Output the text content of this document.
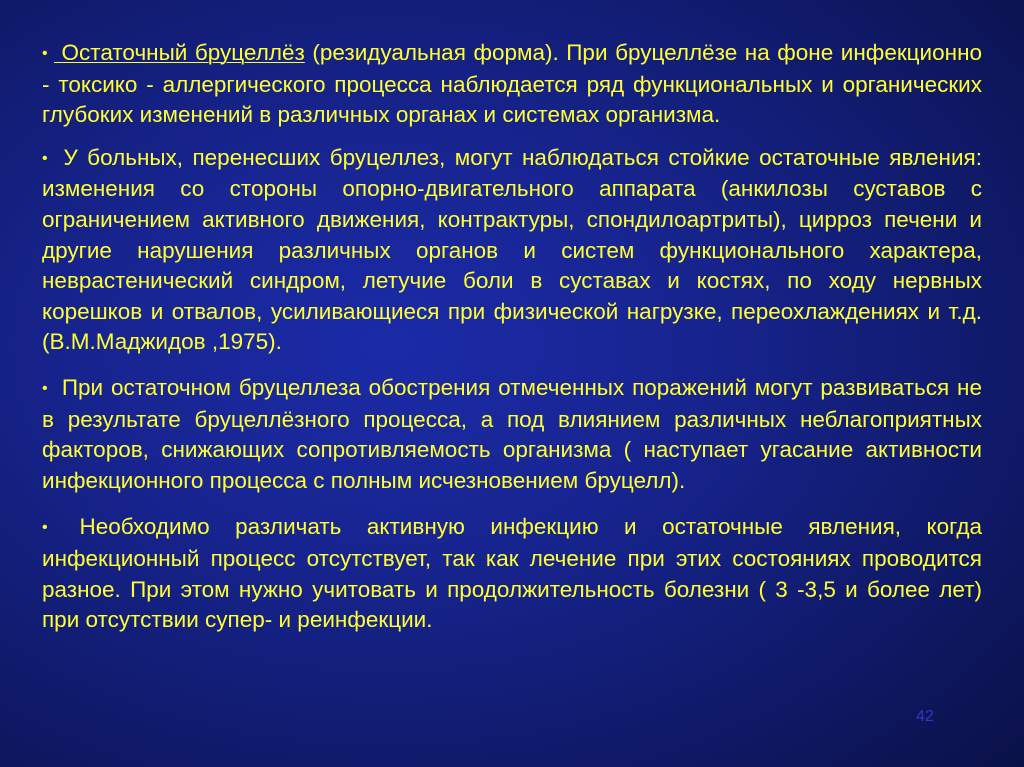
• Остаточный бруцеллёз (резидуальная форма). При бруцеллёзе на фоне инфекционно - токсико - аллергического процесса наблюдается ряд функциональных и органических глубоких изменений в различных органах и системах организма.

• У больных, перенесших бруцеллез, могут наблюдаться стойкие остаточные явления: изменения со стороны опорно-двигательного аппарата (анкилозы суставов с ограничением активного движения, контрактуры, спондилоартриты), цирроз печени и другие нарушения различных органов и систем функционального характера, неврастенический синдром, летучие боли в суставах и костях, по ходу нервных корешков и отвалов, усиливающиеся при физической нагрузке, переохлаждениях и т.д. (В.М.Маджидов ,1975).

• При остаточном бруцеллеза обострения отмеченных поражений могут развиваться не в результате бруцеллёзного процесса, а под влиянием различных неблагоприятных факторов, снижающих сопротивляемость организма ( наступает угасание активности инфекционного процесса с полным исчезновением бруцелл).

• Необходимо различать активную инфекцию и остаточные явления, когда инфекционный процесс отсутствует, так как лечение при этих состояниях проводится разное. При этом нужно учитовать и продолжительность болезни ( 3 -3,5 и более лет) при отсутствии супер- и реинфекции.

42
